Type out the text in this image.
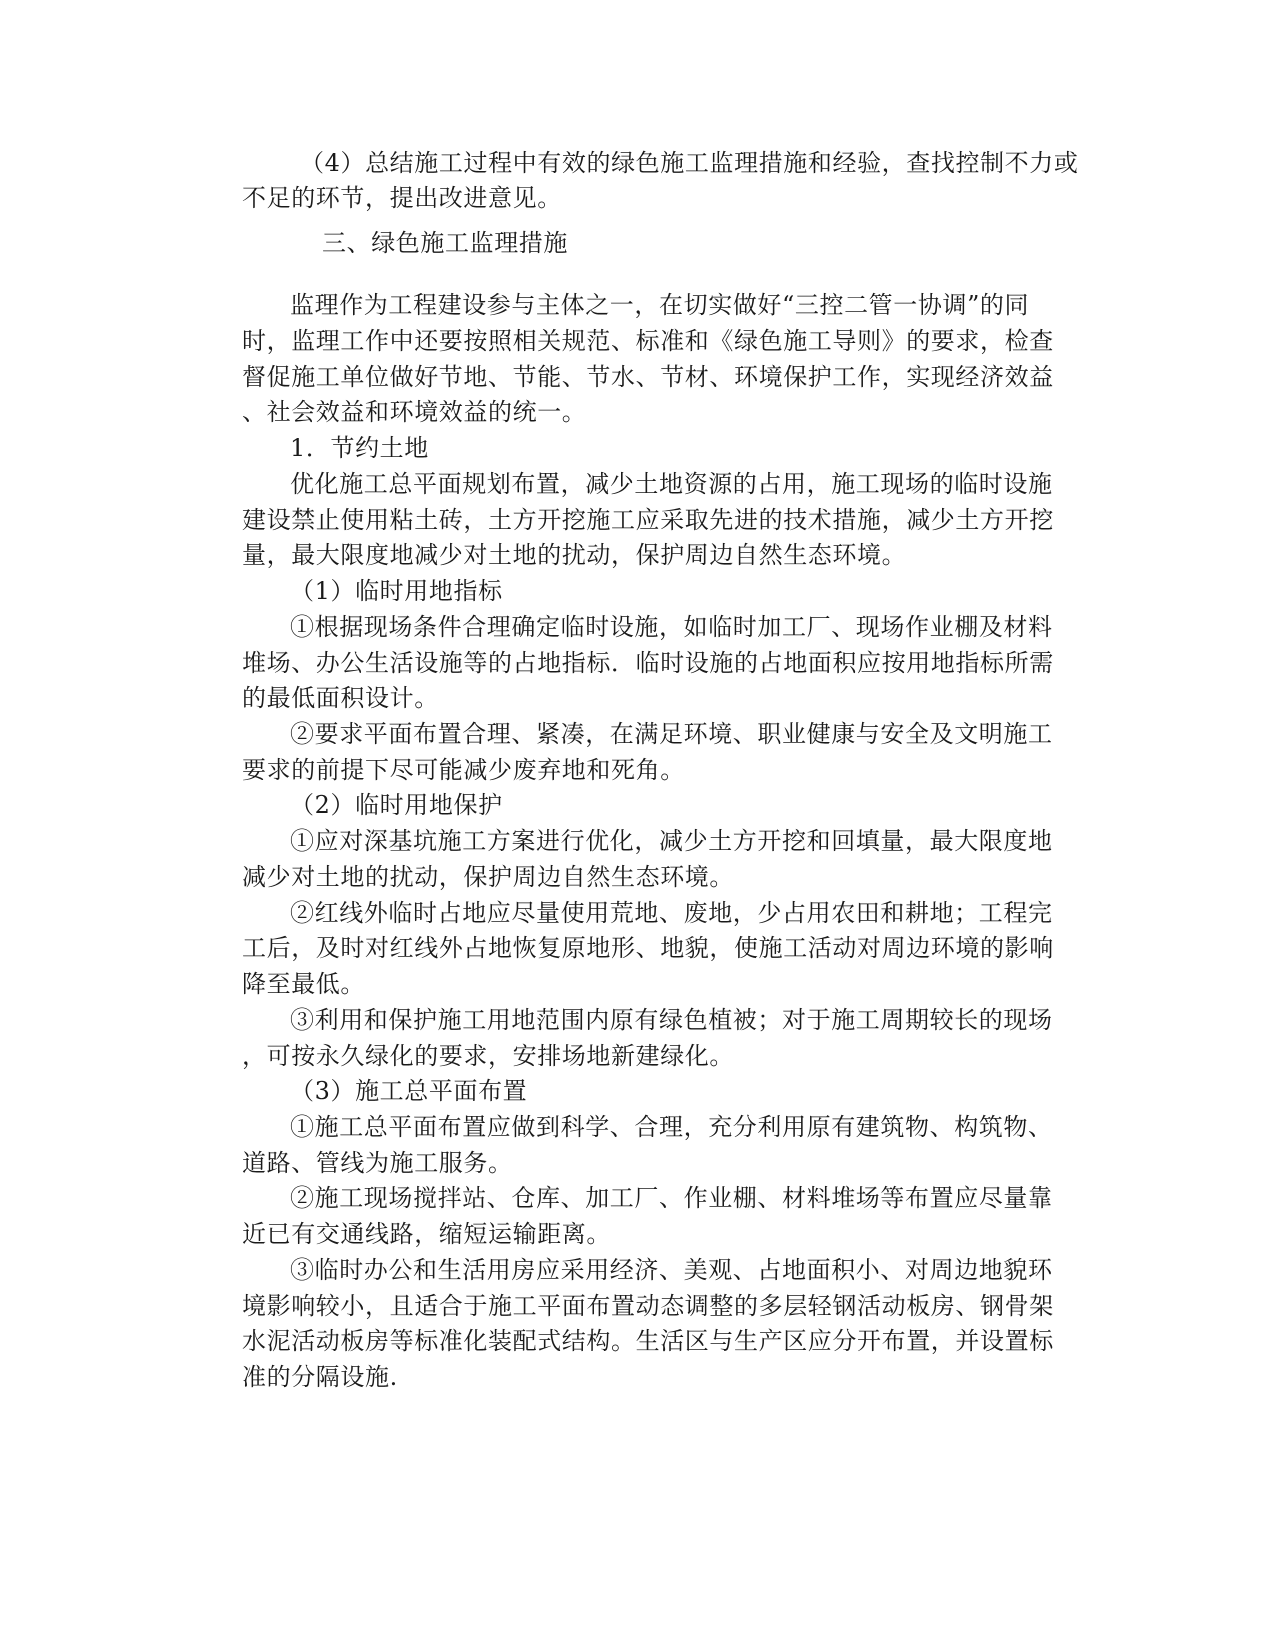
（4）总结施工过程中有效的绿色施工监理措施和经验，查找控制不力或
不足的环节，提出改进意见。
三、绿色施工监理措施
监理作为工程建设参与主体之一，在切实做好“三控二管一协调”的同
时，监理工作中还要按照相关规范、标准和《绿色施工导则》的要求，检查
督促施工单位做好节地、节能、节水、节材、环境保护工作，实现经济效益
、社会效益和环境效益的统一。
1．节约土地
优化施工总平面规划布置，减少土地资源的占用，施工现场的临时设施
建设禁止使用粘土砖，土方开挖施工应采取先进的技术措施，减少土方开挖
量，最大限度地减少对土地的扰动，保护周边自然生态环境。
（1）临时用地指标
①根据现场条件合理确定临时设施，如临时加工厂、现场作业棚及材料
堆场、办公生活设施等的占地指标．临时设施的占地面积应按用地指标所需
的最低面积设计。
②要求平面布置合理、紧凑，在满足环境、职业健康与安全及文明施工
要求的前提下尽可能减少废弃地和死角。
（2）临时用地保护
①应对深基坑施工方案进行优化，减少土方开挖和回填量，最大限度地
减少对土地的扰动，保护周边自然生态环境。
②红线外临时占地应尽量使用荒地、废地，少占用农田和耕地；工程完
工后，及时对红线外占地恢复原地形、地貌，使施工活动对周边环境的影响
降至最低。
③利用和保护施工用地范围内原有绿色植被；对于施工周期较长的现场
，可按永久绿化的要求，安排场地新建绿化。
（3）施工总平面布置
①施工总平面布置应做到科学、合理，充分利用原有建筑物、构筑物、
道路、管线为施工服务。
②施工现场搅拌站、仓库、加工厂、作业棚、材料堆场等布置应尽量靠
近已有交通线路，缩短运输距离。
③临时办公和生活用房应采用经济、美观、占地面积小、对周边地貌环
境影响较小，且适合于施工平面布置动态调整的多层轻钢活动板房、钢骨架
水泥活动板房等标准化装配式结构。生活区与生产区应分开布置，并设置标
准的分隔设施.
